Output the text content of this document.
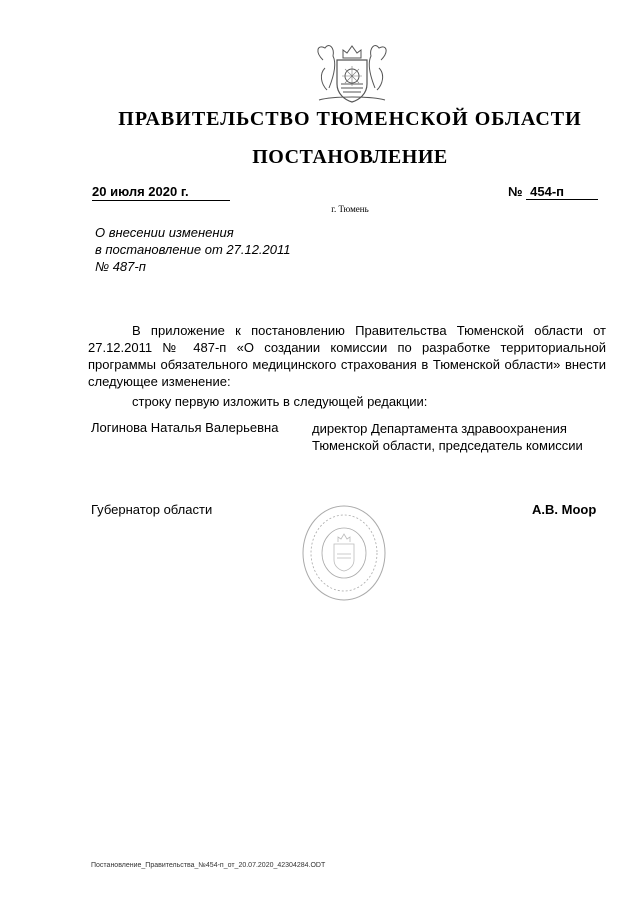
ПРАВИТЕЛЬСТВО ТЮМЕНСКОЙ ОБЛАСТИ
ПОСТАНОВЛЕНИЕ
20 июля 2020 г.	№ 454-п
г. Тюмень
О внесении изменения
в постановление от 27.12.2011
№ 487-п

В приложение к постановлению Правительства Тюменской области от 27.12.2011 № 487-п «О создании комиссии по разработке территориальной программы обязательного медицинского страхования в Тюменской области» внести следующее изменение:

строку первую изложить в следующей редакции:
Логинова Наталья Валерьевна	директор Департамента здравоохранения
Тюменской области, председатель комиссии
Губернатор области	А.В. Моор
Постановление_Правительства_№454-п_от_20.07.2020_42304284.ODT
